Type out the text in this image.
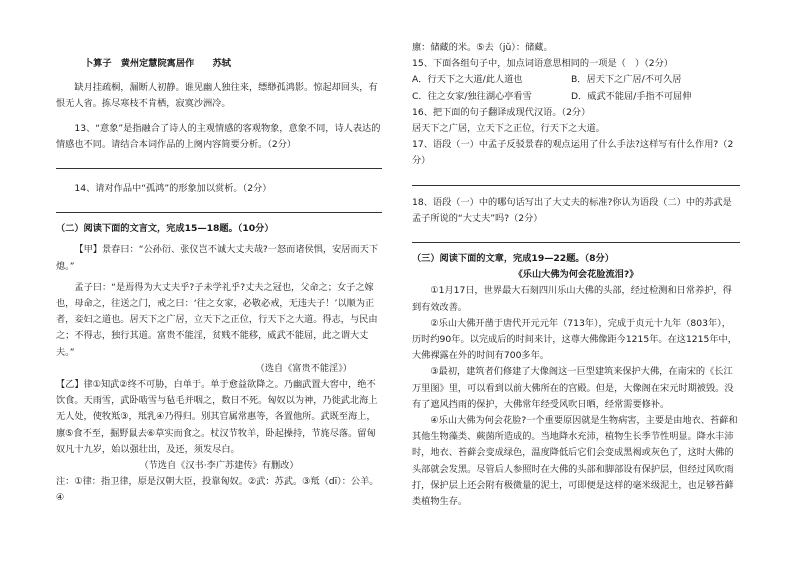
卜算子　黄州定慧院寓居作　　苏轼

缺月挂疏桐，漏断人初静。谁见幽人独往来，缥缈孤鸿影。惊起却回头，有恨无人省。拣尽寒枝不肯栖，寂寞沙洲冷。

13、“意象”是指融合了诗人的主观情感的客观物象，意象不同，诗人表达的情感也不同。请结合本词作品的上阕内容简要分析。（2分）

14、请对作品中“孤鸿”的形象加以赏析。（2分）

（二）阅读下面的文言文，完成15—18题。（10分）

【甲】景春曰：“公孙衍、张仪岂不诚大丈夫哉?一怒而诸侯惧，安居而天下熄。”

孟子曰：“是焉得为大丈夫乎?子未学礼乎?丈夫之冠也，父命之；女子之嫁也，母命之，往送之门，戒之曰：‘往之女家，必敬必戒，无违夫子！’以顺为正者，妾妇之道也。居天下之广居，立天下之正位，行天下之大道。得志，与民由之；不得志，独行其道。富贵不能淫，贫贱不能移，威武不能屈，此之谓大丈夫。”

（选自《富贵不能淫》）

【乙】律①知武②终不可胁，白单于。单于愈益欲降之。乃幽武置大窖中，绝不饮食。天雨雪，武卧啮雪与毡毛并咽之，数日不死。匈奴以为神，乃徙武北海上无人处，使牧羝③，羝乳④乃得归。别其官属常惠等，各置他所。武既至海上，廪⑤食不至，掘野鼠去⑥草实而食之。杖汉节牧羊，卧起操持，节旄尽落。留匈奴凡十九岁，始以强壮出，及还，须发尽白。

（节选自《汉书·李广苏建传》有删改）

注：①律：指卫律，原是汉朝大臣，投靠匈奴。②武：苏武。③羝（dī）：公羊。④

廪：储藏的米。⑤去（jǔ）：储藏。

15、下面各组句子中，加点词语意思相同的一项是（　）（2分）

A．行天下之大道/此人道也	B．居天下之广居/不可久居
C．往之女家/独往湖心亭看雪	D．威武不能屈/手指不可屈伸

16、把下面的句子翻译成现代汉语。（2分）

居天下之广居，立天下之正位，行天下之大道。

17、语段（一）中孟子反驳景春的观点运用了什么手法?这样写有什么作用?（2分）

18、语段（一）中的哪句话写出了大丈夫的标准?你认为语段（二）中的苏武是孟子所说的“大丈夫”吗?（2分）

（三）阅读下面的文章，完成19—22题。（8分）

《乐山大佛为何会花脸流泪?》

①1月17日，世界最大石刻四川乐山大佛的头部，经过检测和日常养护，得到有效改善。

②乐山大佛开凿于唐代开元元年（713年），完成于贞元十九年（803年），历时约90年。以完成后的时间来计，这尊大佛像距今1215年。在这1215年中，大佛裸露在外的时间有700多年。

③最初，建筑者们修建了大像阁这一巨型建筑来保护大佛，在南宋的《长江万里图》里，可以看到以前大佛所在的宫殿。但是，大像阁在宋元时期被毁。没有了遮风挡雨的保护，大佛常年经受风吹日晒，经常需要修补。

④乐山大佛为何会花脸?一个重要原因就是生物病害，主要是由地衣、苔藓和其他生物藻类、蕨菌所造成的。当地降水充沛，植物生长季节性明显。降水丰沛时，地衣、苔藓会变成绿色，温度降低后它们会变成黑褐或灰色了，这时大佛的头部就会发黑。尽管后人参照时在大佛的头部和脚部设有保护层，但经过风吹雨打，保护层上还会附有极微量的泥土，可即便是这样的毫米级泥土，也足够苔藓类植物生存。
